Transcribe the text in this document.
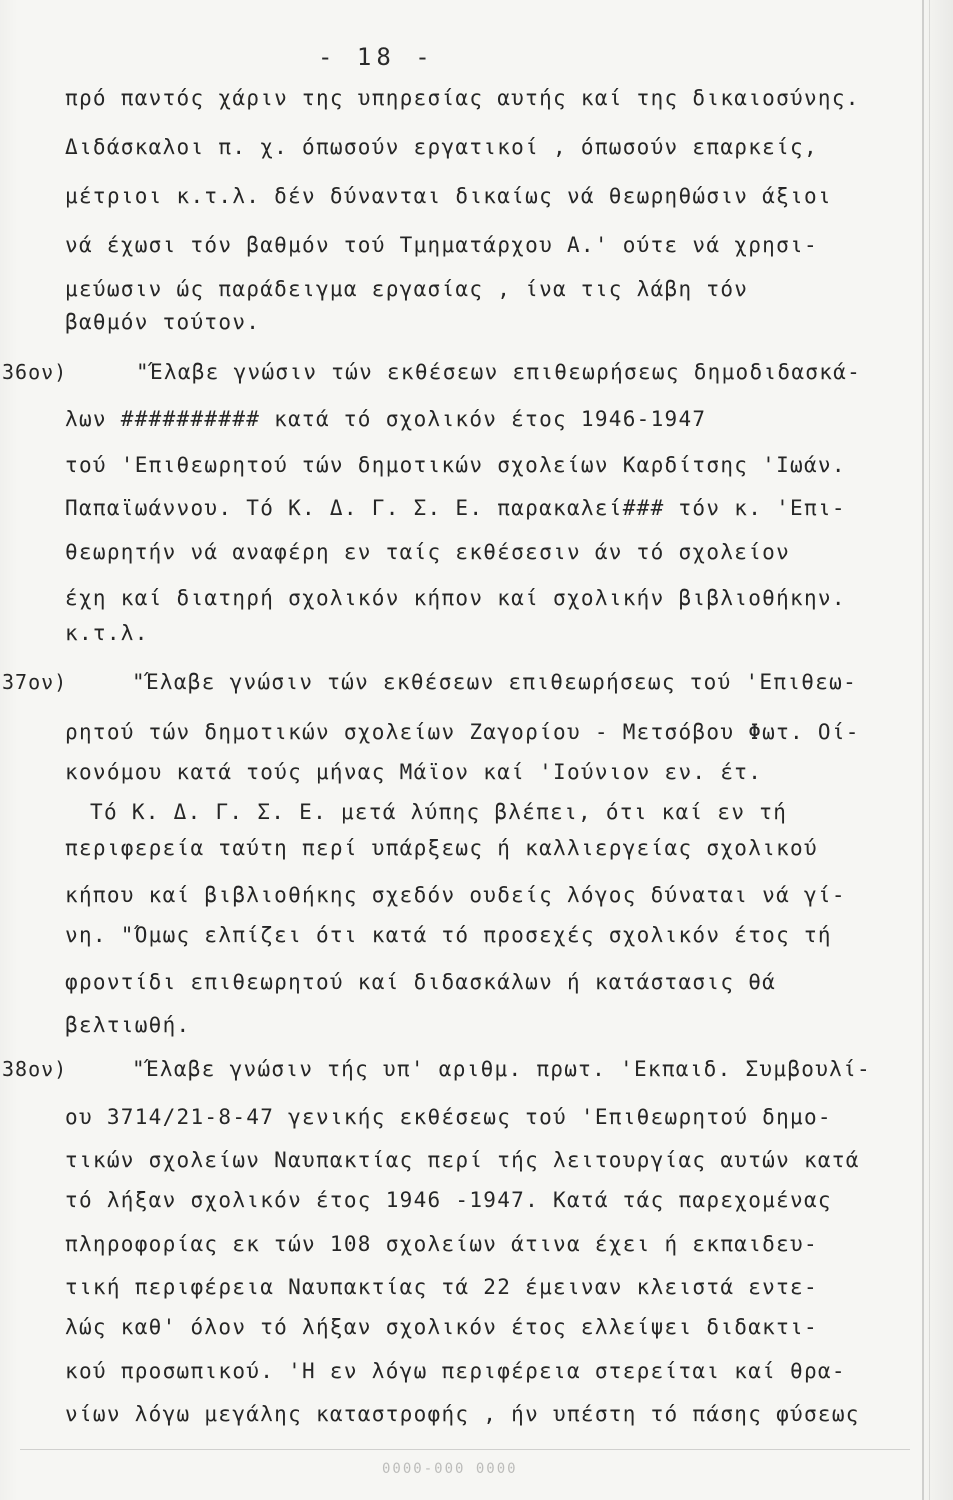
- 18 -
πρό παντός χάριν της υπηρεσίας αυτής καί της δικαιοσύνης.
Διδάσκαλοι π. χ. όπωσούν εργατικοί , όπωσούν επαρκείς,
μέτριοι κ.τ.λ. δέν δύνανται δικαίως νά θεωρηθώσιν άξιοι
νά έχωσι τόν βαθμόν τού Τμηματάρχου Α.' ούτε νά χρησι-
μεύωσιν ώς παράδειγμα εργασίας , ίνα τις λάβη τόν
βαθμόν τούτον.
36ον)	"Έλαβε γνώσιν τών εκθέσεων επιθεωρήσεως δημοδιδασκά-
λων ########## κατά τό σχολικόν έτος 1946-1947
τού 'Επιθεωρητού τών δημοτικών σχολείων Καρδίτσης 'Ιωάν.
Παπαϊωάννου. Τό Κ. Δ. Γ. Σ. Ε. παρακαλεί### τόν κ. 'Επι-
θεωρητήν νά αναφέρη εν ταίς εκθέσεσιν άν τό σχολείον
έχη καί διατηρή σχολικόν κήπον καί σχολικήν βιβλιοθήκην.
κ.τ.λ.
37ον)	"Έλαβε γνώσιν τών εκθέσεων επιθεωρήσεως τού 'Επιθεω-
ρητού τών δημοτικών σχολείων Ζαγορίου - Μετσόβου Φωτ. Οί-
κονόμου κατά τούς μήνας Μάϊον καί 'Ιούνιον εν. έτ.
Τό Κ. Δ. Γ. Σ. Ε. μετά λύπης βλέπει, ότι καί εν τή
περιφερεία ταύτη περί υπάρξεως ή καλλιεργείας σχολικού
κήπου καί βιβλιοθήκης σχεδόν ουδείς λόγος δύναται νά γί-
νη. "Όμως ελπίζει ότι κατά τό προσεχές σχολικόν έτος τή
φροντίδι επιθεωρητού καί διδασκάλων ή κατάστασις θά
βελτιωθή.
38ον)	"Έλαβε γνώσιν τής υπ' αριθμ. πρωτ. 'Εκπαιδ. Συμβουλί-
ου 3714/21-8-47 γενικής εκθέσεως τού 'Επιθεωρητού δημο-
τικών σχολείων Ναυπακτίας περί τής λειτουργίας αυτών κατά
τό λήξαν σχολικόν έτος 1946 -1947. Κατά τάς παρεχομένας
πληροφορίας εκ τών 108 σχολείων άτινα έχει ή εκπαιδευ-
τική περιφέρεια Ναυπακτίας τά 22 έμειναν κλειστά εντε-
λώς καθ' όλον τό λήξαν σχολικόν έτος ελλείψει διδακτι-
κού προσωπικού. 'Η εν λόγω περιφέρεια στερείται καί θρα-
νίων λόγω μεγάλης καταστροφής , ήν υπέστη τό πάσης φύσεως
0000-000 0000
